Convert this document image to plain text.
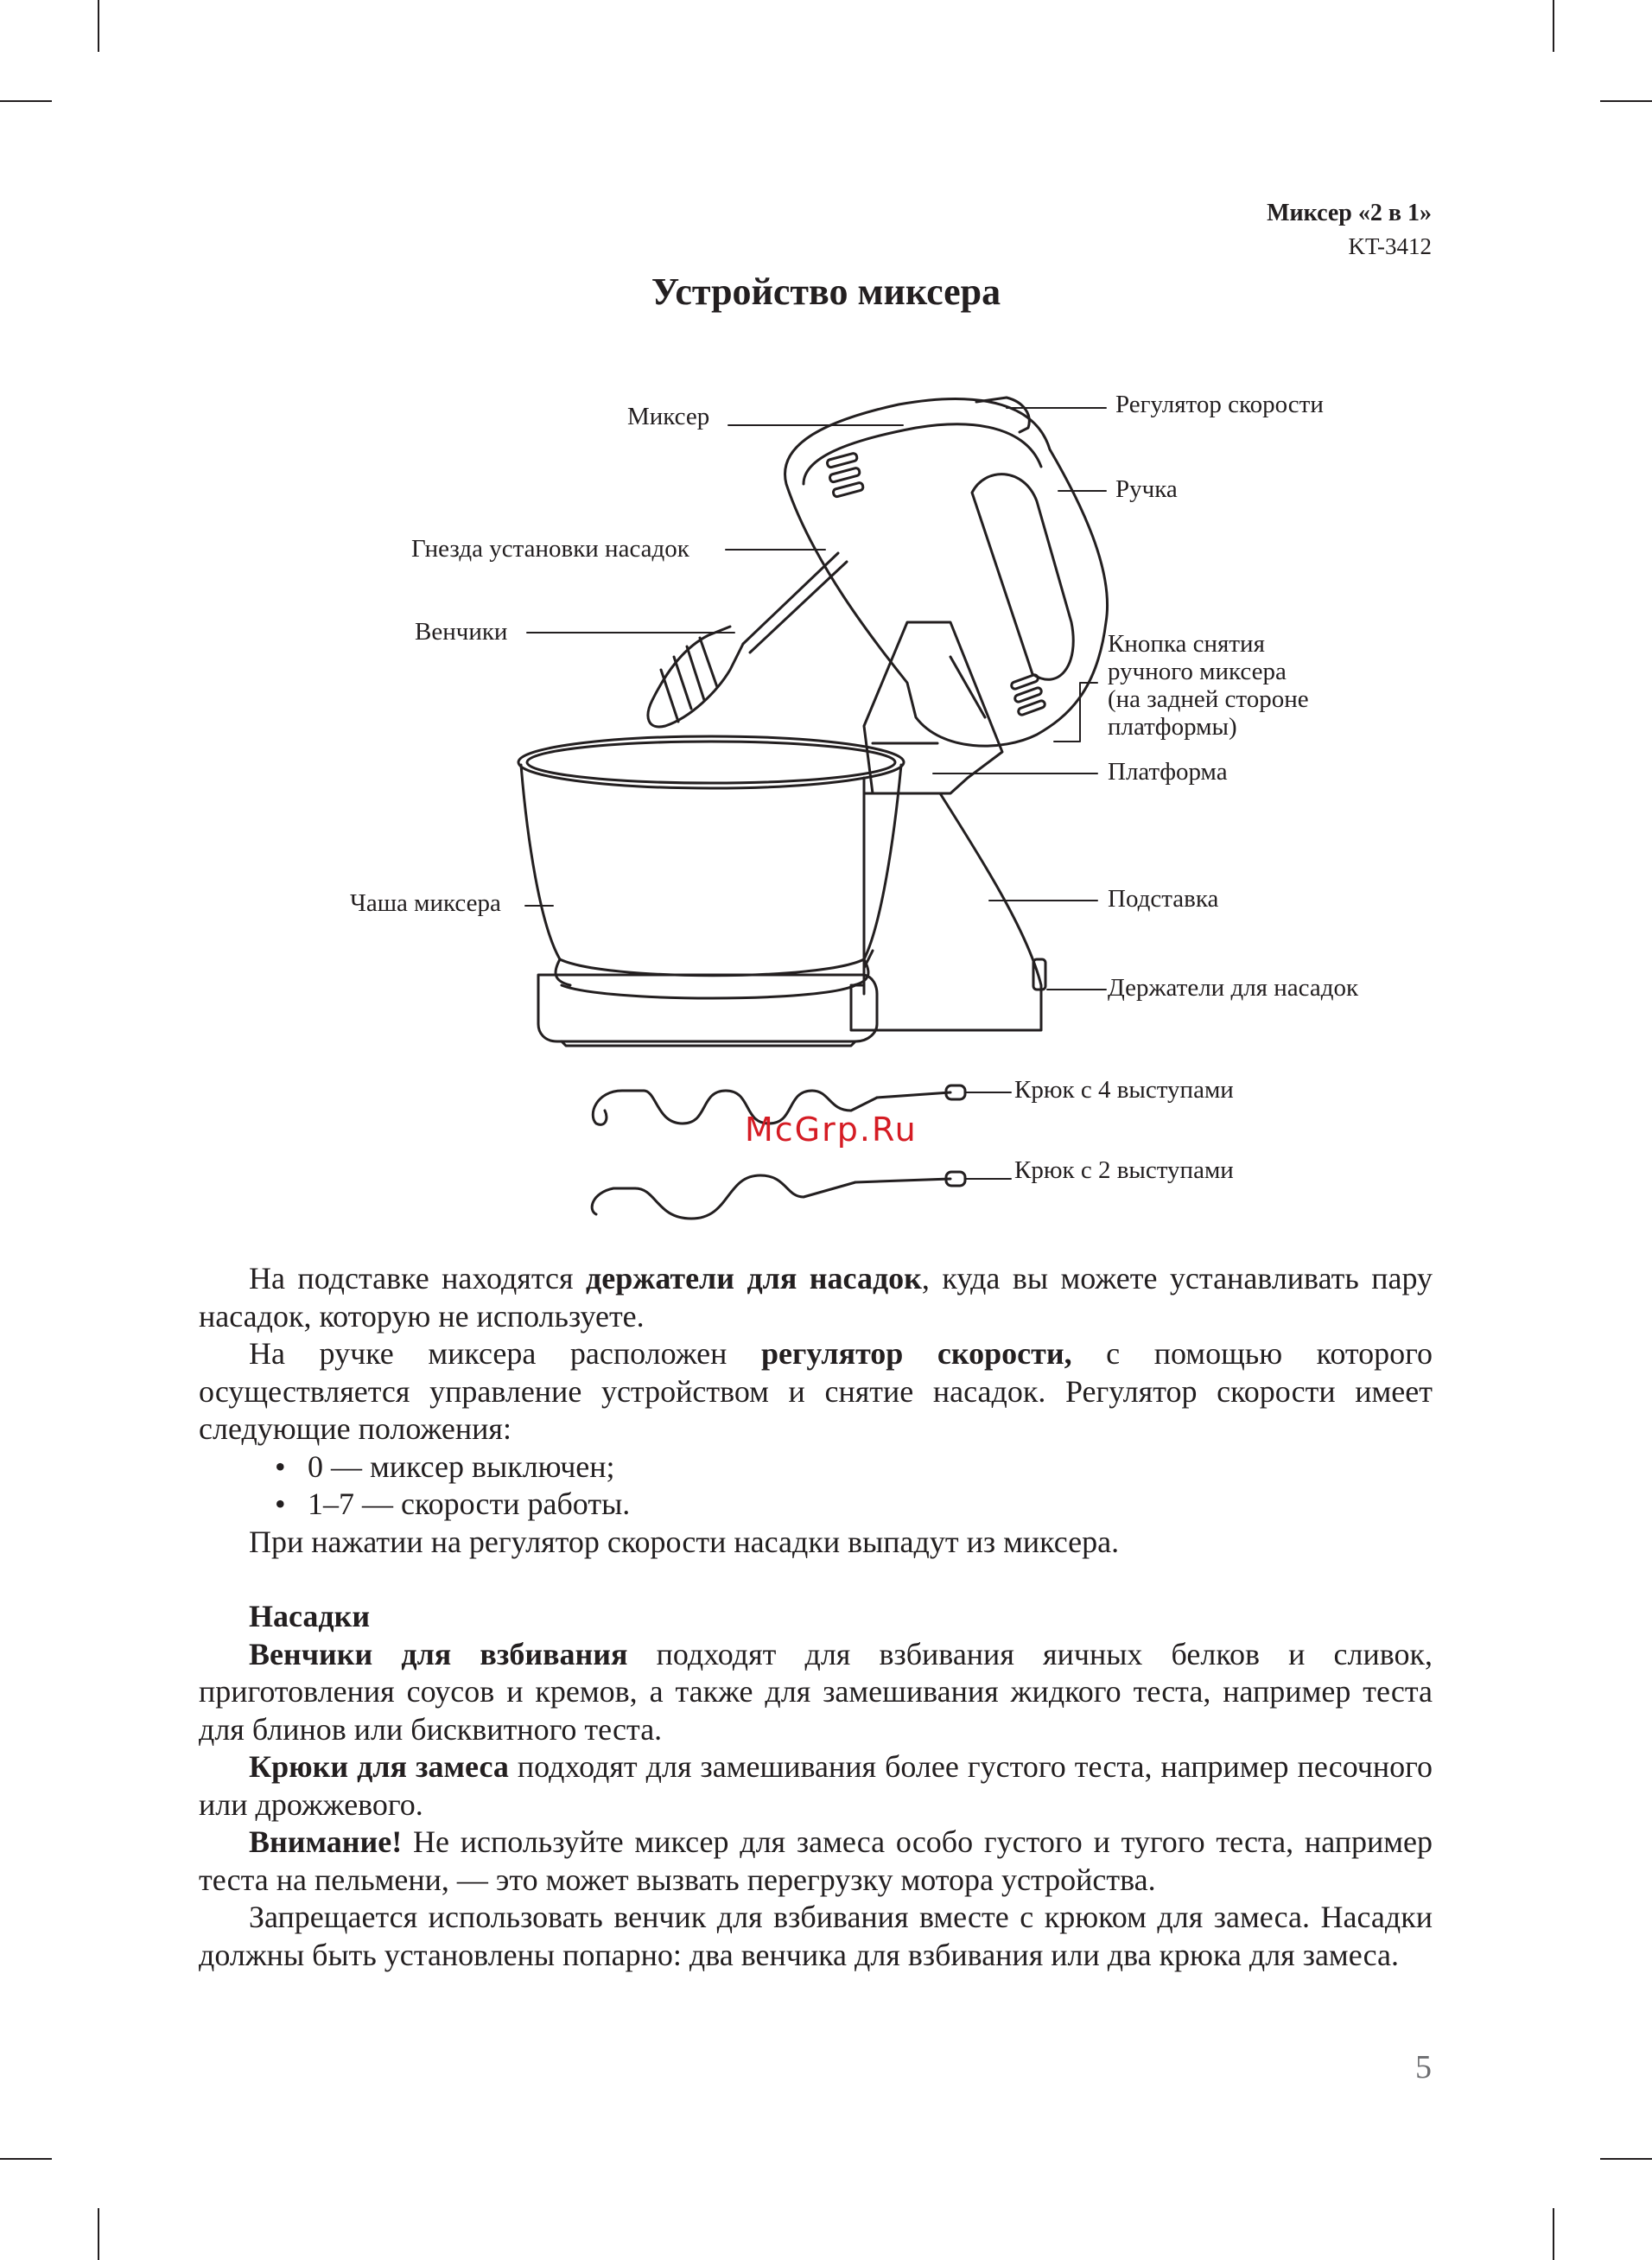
Миксер «2 в 1»
KT-3412
Устройство миксера
Миксер	Регулятор скорости
Ручка
Гнезда установки насадок
Венчики	Кнопка снятия
ручного миксера
(на задней стороне
платформы)
Платформа
Чаша миксера	Подставка
Держатели для насадок
Крюк с 4 выступами
Крюк с 2 выступами
McGrp.Ru

На подставке находятся держатели для насадок, куда вы можете устанавливать пару насадок, которую не используете.

На ручке миксера расположен регулятор скорости, с помощью которого осуществляется управление устройством и снятие насадок. Регулятор скорости имеет следующие положения:

• 0 — миксер выключен;
• 1–7 — скорости работы.

При нажатии на регулятор скорости насадки выпадут из миксера.

Насадки

Венчики для взбивания подходят для взбивания яичных белков и сливок, приготовления соусов и кремов, а также для замешивания жидкого теста, например теста для блинов или бисквитного теста.

Крюки для замеса подходят для замешивания более густого теста, например песочного или дрожжевого.

Внимание! Не используйте миксер для замеса особо густого и тугого теста, например теста на пельмени, — это может вызвать перегрузку мотора устройства.

Запрещается использовать венчик для взбивания вместе с крюком для замеса. Насадки должны быть установлены попарно: два венчика для взбивания или два крюка для замеса.

5
